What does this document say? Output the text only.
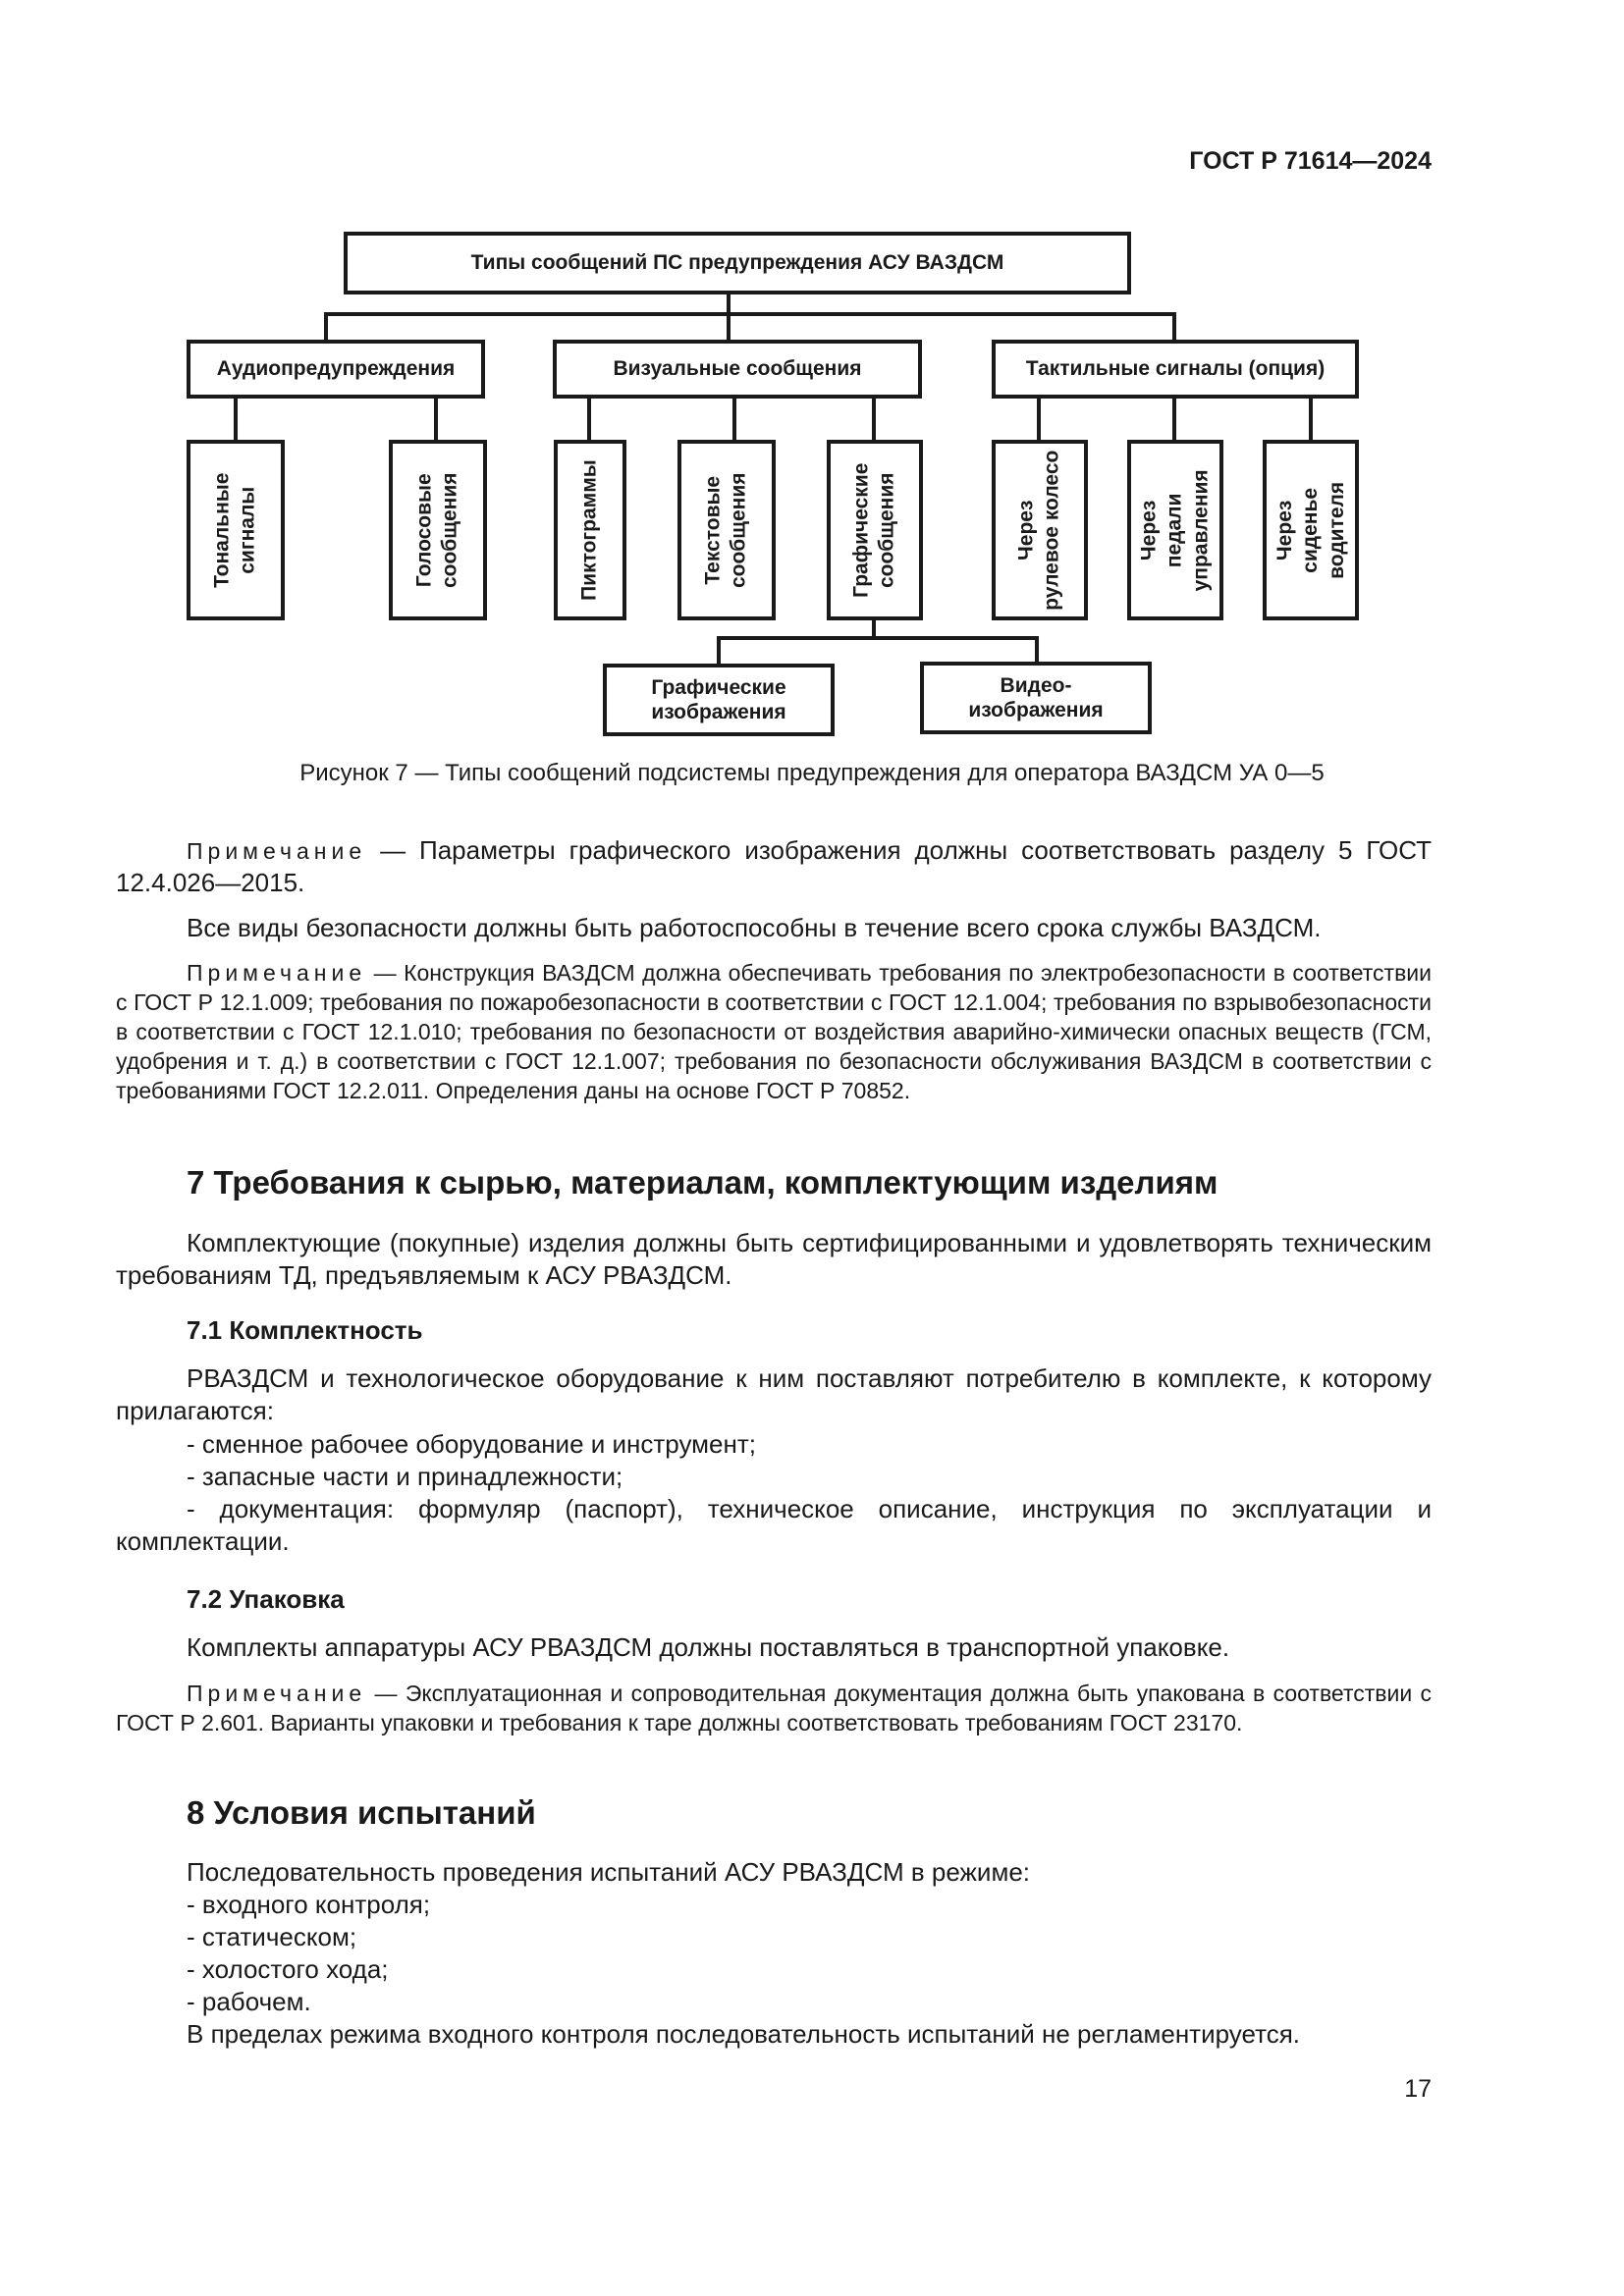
ГОСТ Р 71614—2024
Типы сообщений ПС предупреждения АСУ ВАЗДСМ
Аудиопредупреждения	Визуальные сообщения	Тактильные сигналы (опция)
Тональные
сигналы	Голосовые
сообщения	Пиктограммы	Текстовые
сообщения	Графические
сообщения	Через
рулевое колесо
Через
педали
управления	Через
сиденье
водителя
Графические
изображения
Видео-
изображения
Рисунок 7 — Типы сообщений подсистемы предупреждения для оператора ВАЗДСМ УА 0—5
Примечание — Параметры графического изображения должны соответствовать разделу 5 ГОСТ 12.4.026—2015.
Все виды безопасности должны быть работоспособны в течение всего срока службы ВАЗДСМ.
Примечание — Конструкция ВАЗДСМ должна обеспечивать требования по электробезопасности в соответствии с ГОСТ Р 12.1.009; требования по пожаробезопасности в соответствии с ГОСТ 12.1.004; требования по взрывобезопасности в соответствии с ГОСТ 12.1.010; требования по безопасности от воздействия аварийно-химически опасных веществ (ГСМ, удобрения и т. д.) в соответствии с ГОСТ 12.1.007; требования по безопасности обслуживания ВАЗДСМ в соответствии с требованиями ГОСТ 12.2.011. Определения даны на основе ГОСТ Р 70852.
7 Требования к сырью, материалам, комплектующим изделиям
Комплектующие (покупные) изделия должны быть сертифицированными и удовлетворять техническим требованиям ТД, предъявляемым к АСУ РВАЗДСМ.
7.1 Комплектность
РВАЗДСМ и технологическое оборудование к ним поставляют потребителю в комплекте, к которому прилагаются:
- сменное рабочее оборудование и инструмент;
- запасные части и принадлежности;
- документация: формуляр (паспорт), техническое описание, инструкция по эксплуатации и комплектации.
7.2 Упаковка
Комплекты аппаратуры АСУ РВАЗДСМ должны поставляться в транспортной упаковке.
Примечание — Эксплуатационная и сопроводительная документация должна быть упакована в соответствии с ГОСТ Р 2.601. Варианты упаковки и требования к таре должны соответствовать требованиям ГОСТ 23170.
8 Условия испытаний
Последовательность проведения испытаний АСУ РВАЗДСМ в режиме:
- входного контроля;
- статическом;
- холостого хода;
- рабочем.
В пределах режима входного контроля последовательность испытаний не регламентируется.
17
